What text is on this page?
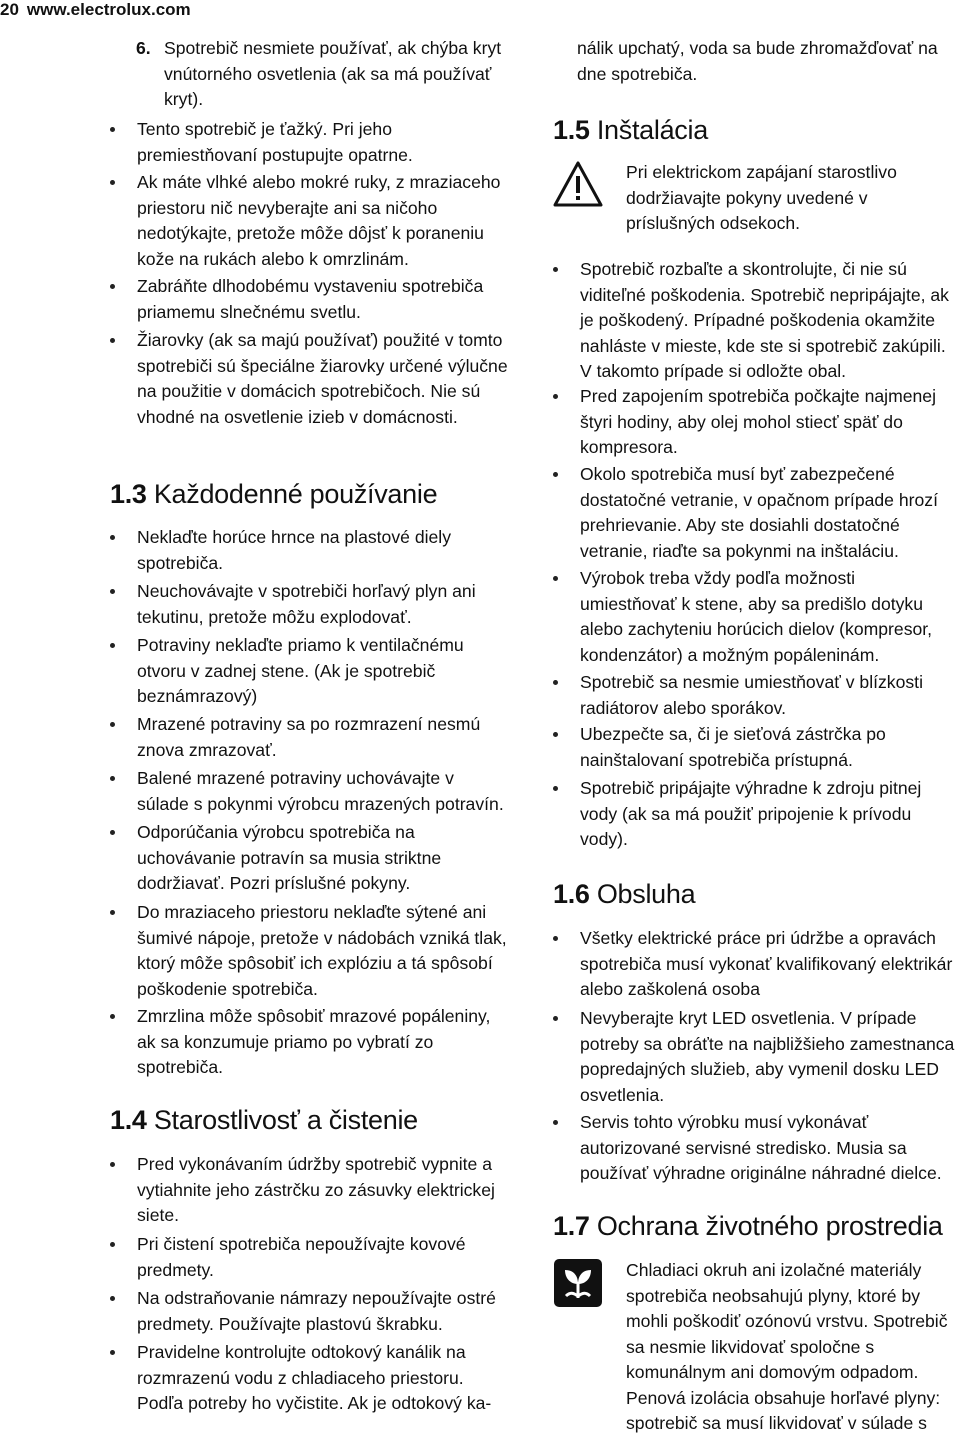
20 www.electrolux.com
6. Spotrebič nesmiete používať, ak chýba kryt vnútorného osvetlenia (ak sa má používať kryt).
Tento spotrebič je ťažký. Pri jeho premiestňovaní postupujte opatrne.
Ak máte vlhké alebo mokré ruky, z mraziaceho priestoru nič nevyberajte ani sa ničoho nedotýkajte, pretože môže dôjsť k poraneniu kože na rukách alebo k omrzlinám.
Zabráňte dlhodobému vystaveniu spotrebiča priamemu slnečnému svetlu.
Žiarovky (ak sa majú používať) použité v tomto spotrebiči sú špeciálne žiarovky určené výlučne na použitie v domácich spotrebičoch. Nie sú vhodné na osvetlenie izieb v domácnosti.
1.3 Každodenné používanie
Neklaďte horúce hrnce na plastové diely spotrebiča.
Neuchovávajte v spotrebiči horľavý plyn ani tekutinu, pretože môžu explodovať.
Potraviny neklaďte priamo k ventilačnému otvoru v zadnej stene. (Ak je spotrebič beznámrazový)
Mrazené potraviny sa po rozmrazení nesmú znova zmrazovať.
Balené mrazené potraviny uchovávajte v súlade s pokynmi výrobcu mrazených potravín.
Odporúčania výrobcu spotrebiča na uchovávanie potravín sa musia striktne dodržiavať. Pozri príslušné pokyny.
Do mraziaceho priestoru neklaďte sýtené ani šumivé nápoje, pretože v nádobách vzniká tlak, ktorý môže spôsobiť ich explóziu a tá spôsobí poškodenie spotrebiča.
Zmrzlina môže spôsobiť mrazové popáleniny, ak sa konzumuje priamo po vybratí zo spotrebiča.
1.4 Starostlivosť a čistenie
Pred vykonávaním údržby spotrebič vypnite a vytiahnite jeho zástrčku zo zásuvky elektrickej siete.
Pri čistení spotrebiča nepoužívajte kovové predmety.
Na odstraňovanie námrazy nepoužívajte ostré predmety. Používajte plastovú škrabku.
Pravidelne kontrolujte odtokový kanálik na rozmrazenú vodu z chladiaceho priestoru. Podľa potreby ho vyčistite. Ak je odtokový ka-
nálik upchatý, voda sa bude zhromažďovať na dne spotrebiča.
1.5 Inštalácia
Pri elektrickom zapájaní starostlivo dodržiavajte pokyny uvedené v príslušných odsekoch.
Spotrebič rozbaľte a skontrolujte, či nie sú viditeľné poškodenia. Spotrebič nepripájajte, ak je poškodený. Prípadné poškodenia okamžite nahláste v mieste, kde ste si spotrebič zakúpili. V takomto prípade si odložte obal.
Pred zapojením spotrebiča počkajte najmenej štyri hodiny, aby olej mohol stiecť späť do kompresora.
Okolo spotrebiča musí byť zabezpečené dostatočné vetranie, v opačnom prípade hrozí prehrievanie. Aby ste dosiahli dostatočné vetranie, riaďte sa pokynmi na inštaláciu.
Výrobok treba vždy podľa možnosti umiestňovať k stene, aby sa predišlo dotyku alebo zachyteniu horúcich dielov (kompresor, kondenzátor) a možným popáleninám.
Spotrebič sa nesmie umiestňovať v blízkosti radiátorov alebo sporákov.
Ubezpečte sa, či je sieťová zástrčka po nainštalovaní spotrebiča prístupná.
Spotrebič pripájajte výhradne k zdroju pitnej vody (ak sa má použiť pripojenie k prívodu vody).
1.6 Obsluha
Všetky elektrické práce pri údržbe a opravách spotrebiča musí vykonať kvalifikovaný elektrikár alebo zaškolená osoba
Nevyberajte kryt LED osvetlenia. V prípade potreby sa obráťte na najbližšieho zamestnanca popredajných služieb, aby vymenil dosku LED osvetlenia.
Servis tohto výrobku musí vykonávať autorizované servisné stredisko. Musia sa používať výhradne originálne náhradné dielce.
1.7 Ochrana životného prostredia
Chladiaci okruh ani izolačné materiály spotrebiča neobsahujú plyny, ktoré by mohli poškodiť ozónovú vrstvu. Spotrebič sa nesmie likvidovať spoločne s komunálnym ani domovým odpadom. Penová izolácia obsahuje horľavé plyny: spotrebič sa musí likvidovať v súlade s
